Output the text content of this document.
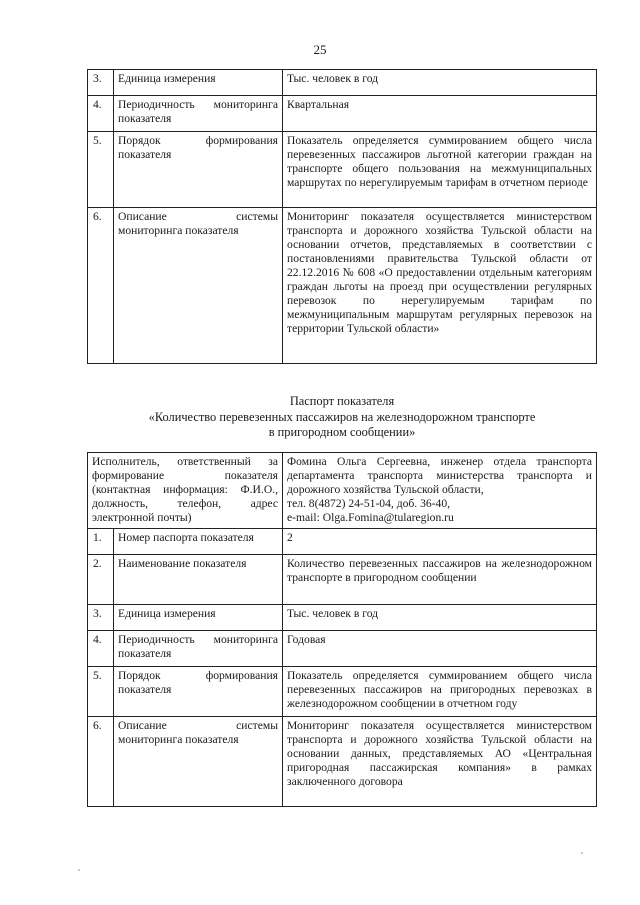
25
3.	Единица измерения	Тыс. человек в год
4.	Периодичность мониторинга показателя	Квартальная
5.	Порядок формирования показателя	Показатель определяется суммированием общего числа перевезенных пассажиров льготной категории граждан на транспорте общего пользования на межмуниципальных маршрутах по нерегулируемым тарифам в отчетном периоде
6.	Описание системы мониторинга показателя	Мониторинг показателя осуществляется министерством транспорта и дорожного хозяйства Тульской области на основании отчетов, представляемых в соответствии с постановлениями правительства Тульской области от 22.12.2016 № 608 «О предоставлении отдельным категориям граждан льготы на проезд при осуществлении регулярных перевозок по нерегулируемым тарифам по межмуниципальным маршрутам регулярных перевозок на территории Тульской области»
Паспорт показателя
«Количество перевезенных пассажиров на железнодорожном транспорте
в пригородном сообщении»
Исполнитель, ответственный за формирование показателя (контактная информация: Ф.И.О., должность, телефон, адрес электронной почты)		Фомина Ольга Сергеевна, инженер отдела транспорта департамента транспорта министерства транспорта и дорожного хозяйства Тульской области,
тел. 8(4872) 24-51-04, доб. 36-40,
e-mail: Olga.Fomina@tularegion.ru

1.	Номер паспорта показателя	2
2.	Наименование показателя	Количество перевезенных пассажиров на железнодорожном транспорте в пригородном сообщении
3.	Единица измерения	Тыс. человек в год
4.	Периодичность мониторинга показателя	Годовая
5.	Порядок формирования показателя	Показатель определяется суммированием общего числа перевезенных пассажиров на пригородных перевозках в железнодорожном сообщении в отчетном году
6.	Описание системы мониторинга показателя	Мониторинг показателя осуществляется министерством транспорта и дорожного хозяйства Тульской области на основании данных, представляемых АО «Центральная пригородная пассажирская компания» в рамках заключенного договора
